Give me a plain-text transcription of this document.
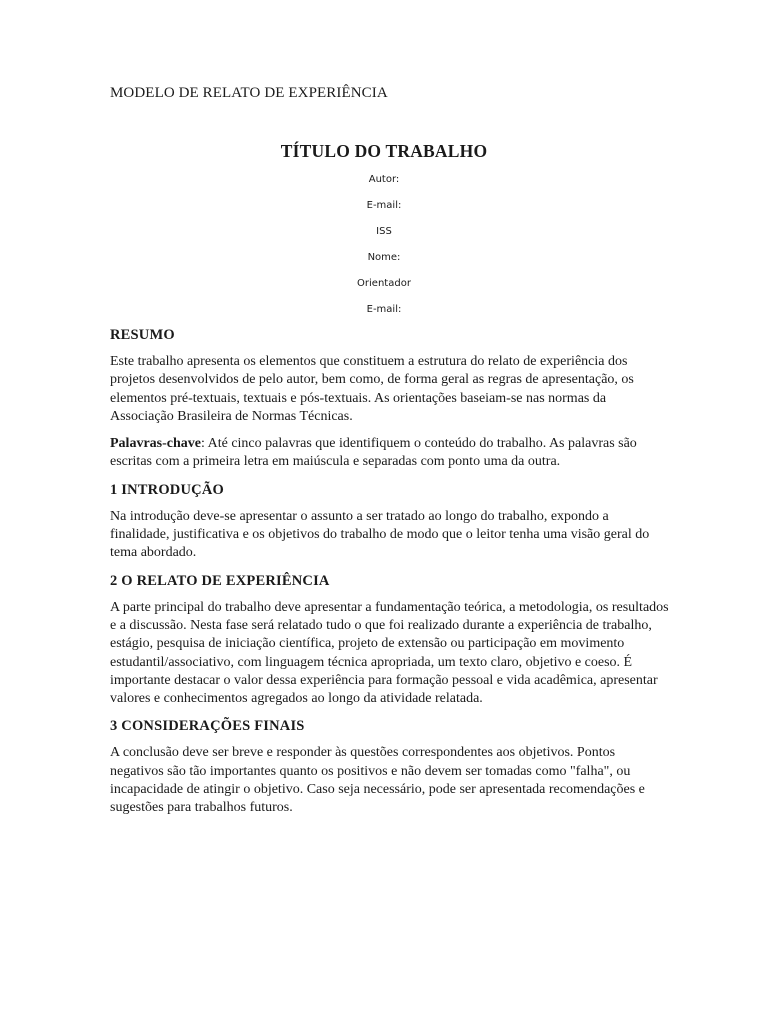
MODELO DE RELATO DE EXPERIÊNCIA
TÍTULO DO TRABALHO
Autor:
E-mail:
ISS
Nome:
Orientador
E-mail:
RESUMO

Este trabalho apresenta os elementos que constituem a estrutura do relato de experiência dos projetos desenvolvidos de pelo autor, bem como, de forma geral as regras de apresentação, os elementos pré-textuais, textuais e pós-textuais. As orientações baseiam-se nas normas da Associação Brasileira de Normas Técnicas.

Palavras-chave: Até cinco palavras que identifiquem o conteúdo do trabalho. As palavras são escritas com a primeira letra em maiúscula e separadas com ponto uma da outra.

1 INTRODUÇÃO

Na introdução deve-se apresentar o assunto a ser tratado ao longo do trabalho, expondo a finalidade, justificativa e os objetivos do trabalho de modo que o leitor tenha uma visão geral do tema abordado.

2 O RELATO DE EXPERIÊNCIA

A parte principal do trabalho deve apresentar a fundamentação teórica, a metodologia, os resultados e a discussão. Nesta fase será relatado tudo o que foi realizado durante a experiência de trabalho, estágio, pesquisa de iniciação científica, projeto de extensão ou participação em movimento estudantil/associativo, com linguagem técnica apropriada, um texto claro, objetivo e coeso. É importante destacar o valor dessa experiência para formação pessoal e vida acadêmica, apresentar valores e conhecimentos agregados ao longo da atividade relatada.

3 CONSIDERAÇÕES FINAIS

A conclusão deve ser breve e responder às questões correspondentes aos objetivos. Pontos negativos são tão importantes quanto os positivos e não devem ser tomadas como "falha", ou incapacidade de atingir o objetivo. Caso seja necessário, pode ser apresentada recomendações e sugestões para trabalhos futuros.
